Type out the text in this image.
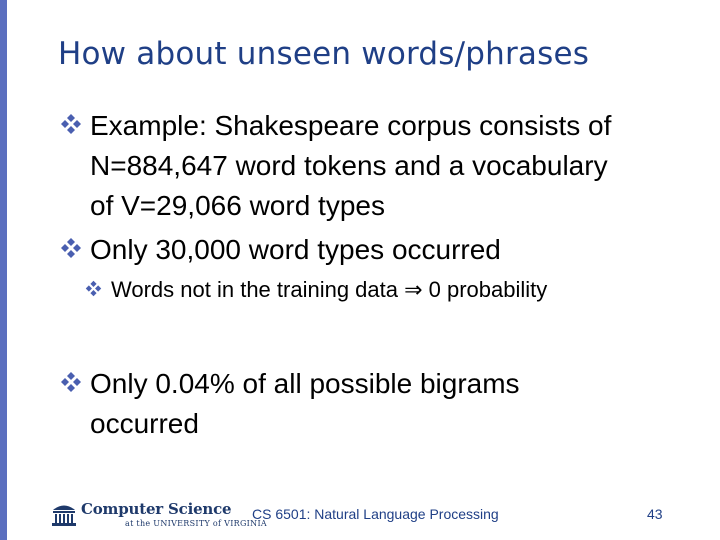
How about unseen words/phrases
Example: Shakespeare corpus consists of
N=884,647 word tokens and a vocabulary
of V=29,066 word types
Only 30,000 word types occurred
Words not in the training data ⇒ 0 probability
Only 0.04% of all possible bigrams
occurred
Computer Science
at the UNIVERSITY of VIRGINIA
CS 6501: Natural Language Processing	43
